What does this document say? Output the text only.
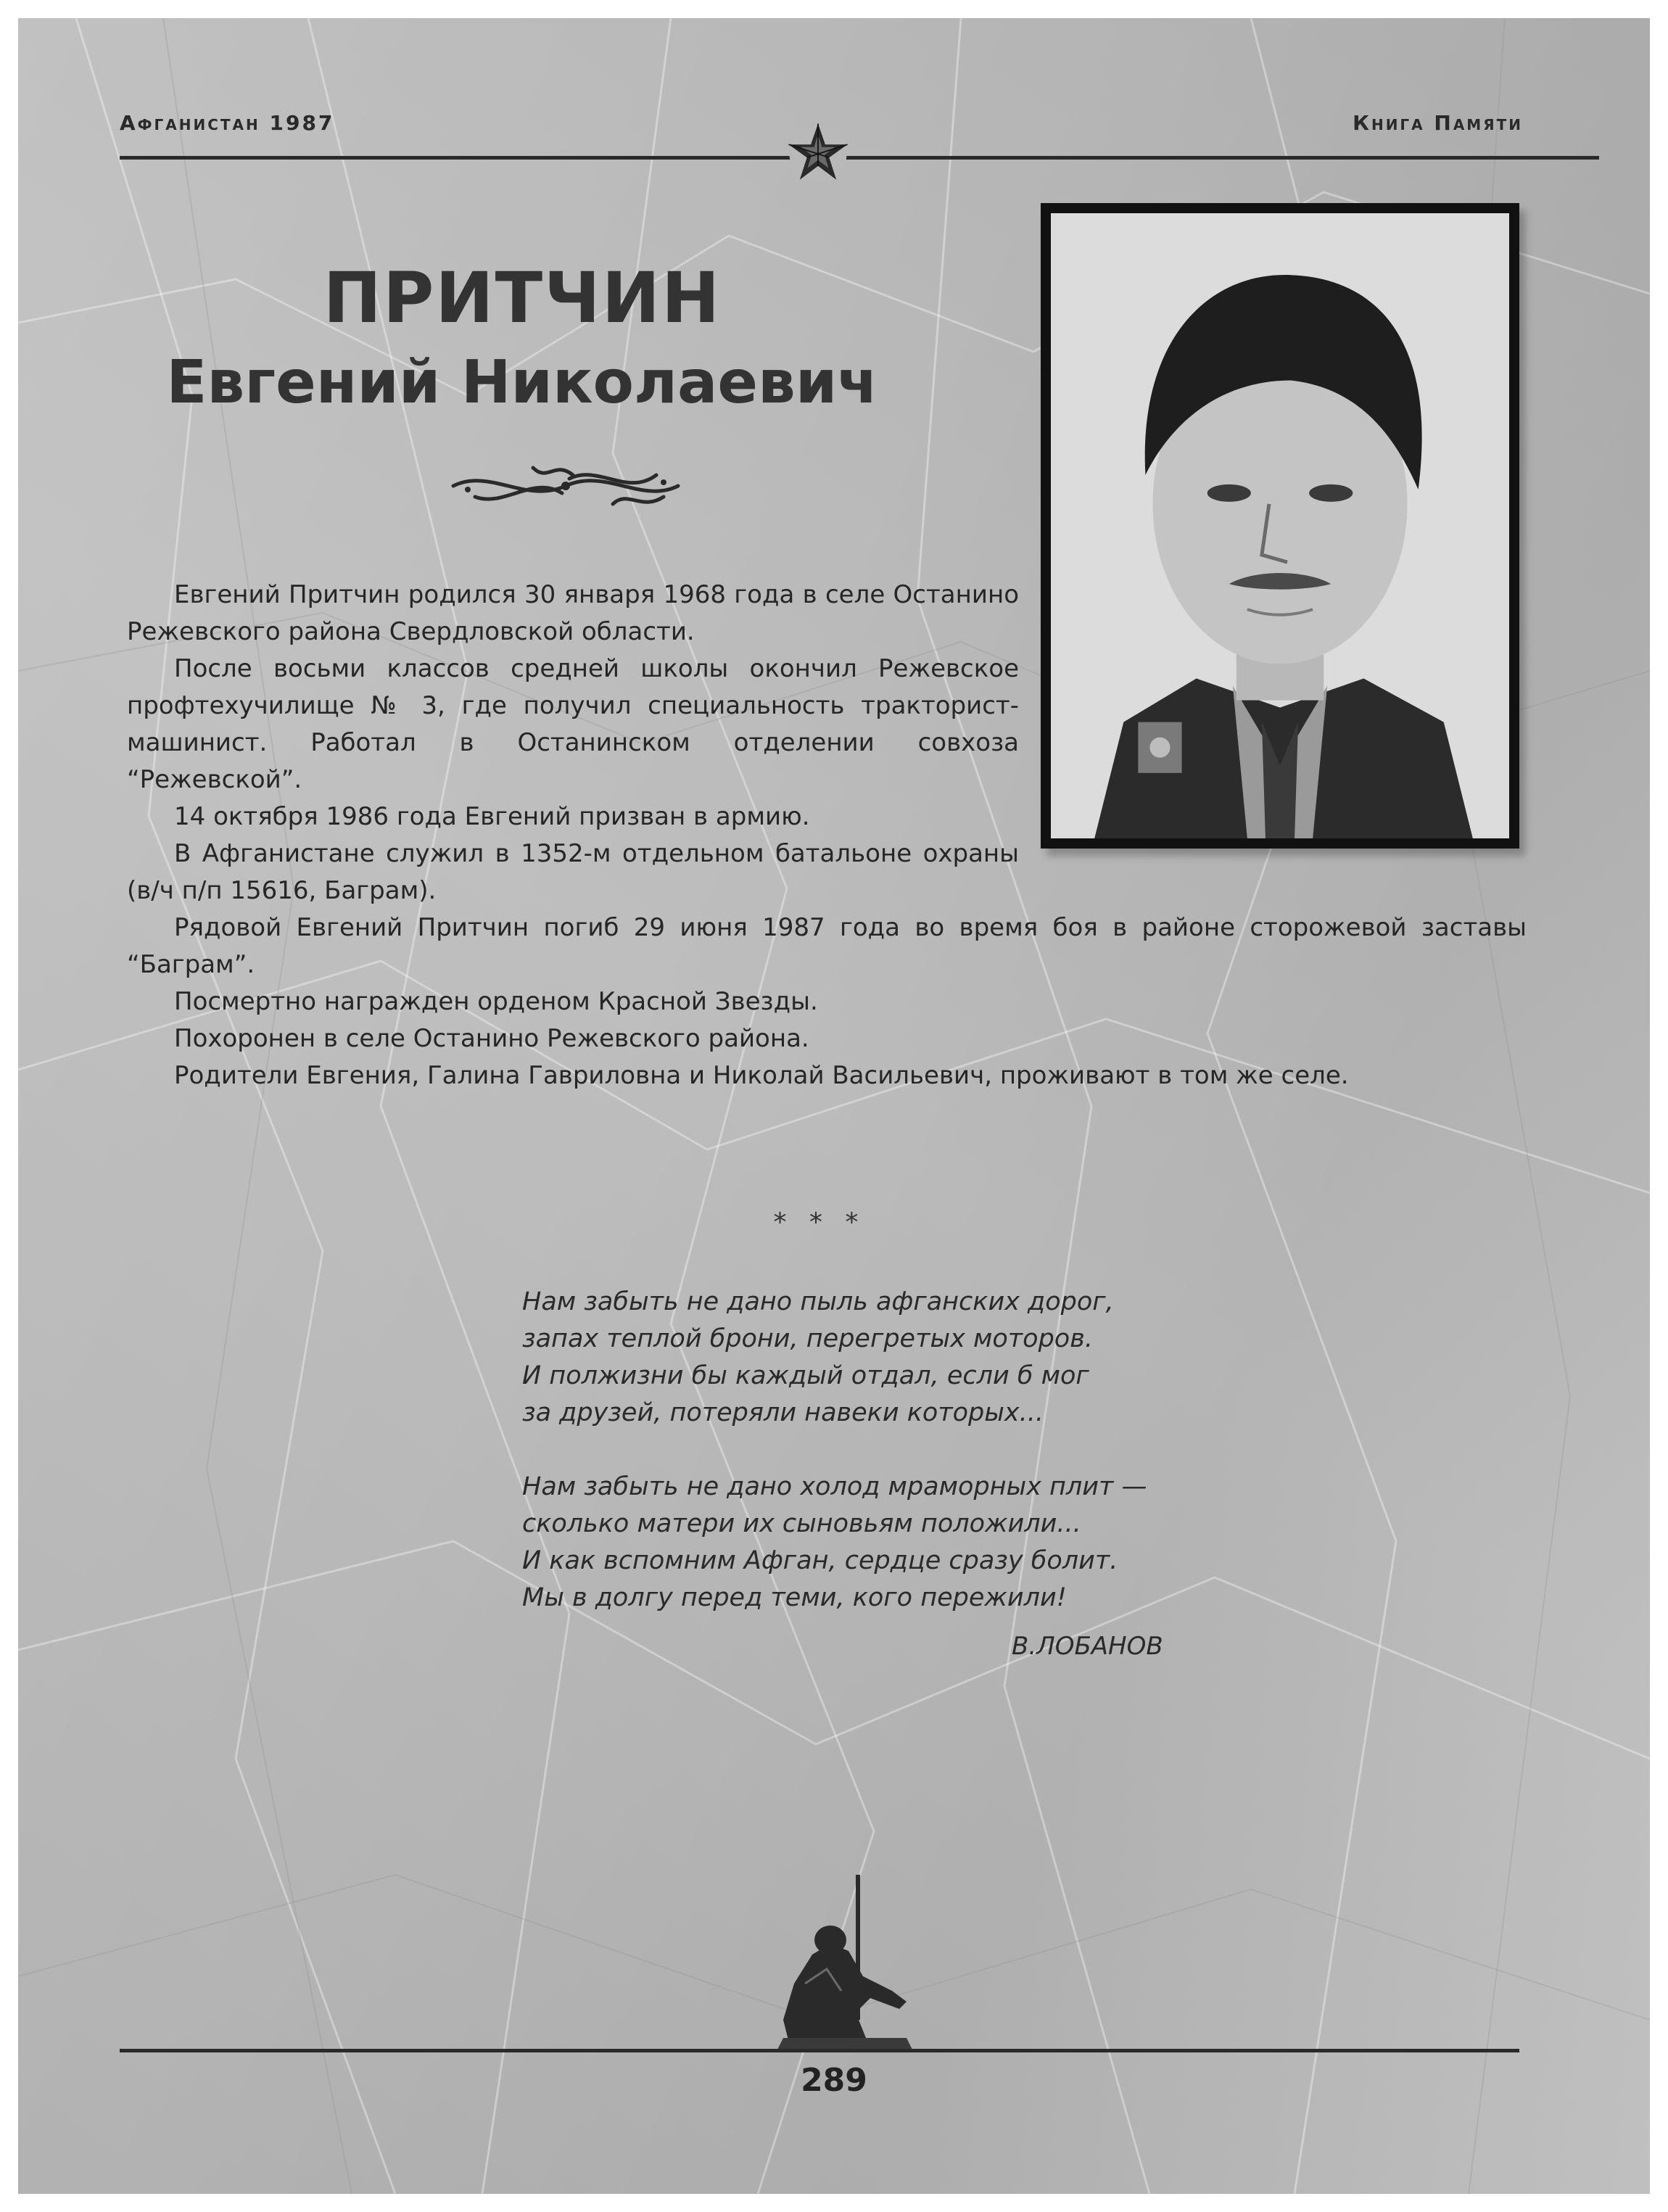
Афганистан 1987	Книга Памяти
ПРИТЧИН
Евгений Николаевич

Евгений Притчин родился 30 января 1968 года в селе Останино Режевского района Свердловской области.

После восьми классов средней школы окончил Режевское профтехучилище № 3, где получил специальность тракторист-машинист. Работал в Останинском отделении совхоза “Режевской”.

14 октября 1986 года Евгений призван в армию.

В Афганистане служил в 1352-м отдельном батальоне охраны (в/ч п/п 15616, Баграм).

Рядовой Евгений Притчин погиб 29 июня 1987 года во время боя в районе сторожевой заставы “Баграм”.

Посмертно награжден орденом Красной Звезды.

Похоронен в селе Останино Режевского района.

Родители Евгения, Галина Гавриловна и Николай Васильевич, проживают в том же селе.

* * *
Нам забыть не дано пыль афганских дорог,
запах теплой брони, перегретых моторов.
И полжизни бы каждый отдал, если б мог
за друзей, потеряли навеки которых...
Нам забыть не дано холод мраморных плит —
сколько матери их сыновьям положили...
И как вспомним Афган, сердце сразу болит.
Мы в долгу перед теми, кого пережили!
В.ЛОБАНОВ
289
